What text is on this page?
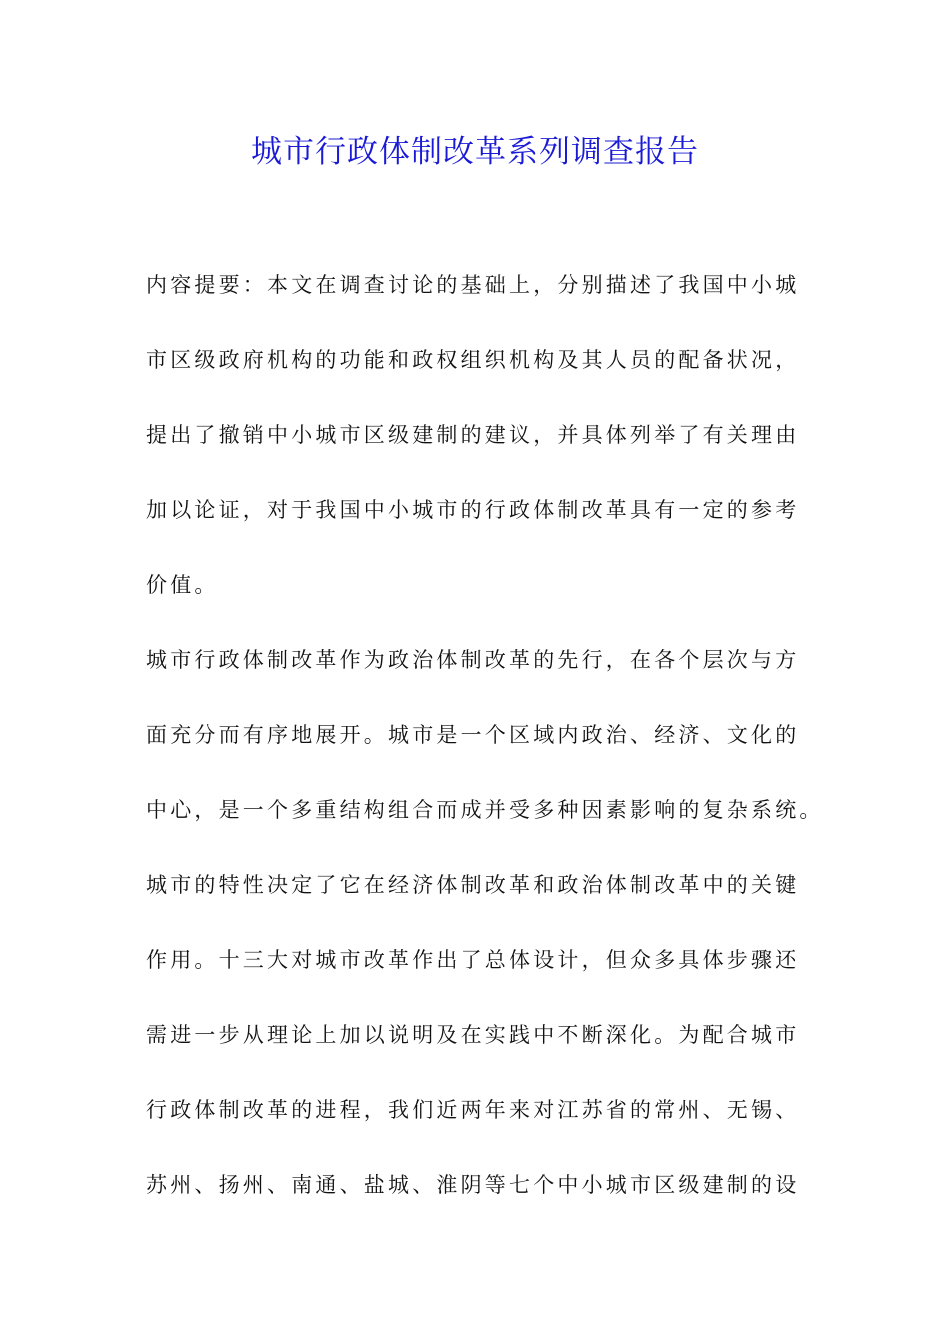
城市行政体制改革系列调查报告
内容提要：本文在调查讨论的基础上，分别描述了我国中小城
市区级政府机构的功能和政权组织机构及其人员的配备状况，
提出了撤销中小城市区级建制的建议，并具体列举了有关理由
加以论证，对于我国中小城市的行政体制改革具有一定的参考
价值。
城市行政体制改革作为政治体制改革的先行，在各个层次与方
面充分而有序地展开。城市是一个区域内政治、经济、文化的
中心，是一个多重结构组合而成并受多种因素影响的复杂系统。
城市的特性决定了它在经济体制改革和政治体制改革中的关键
作用。十三大对城市改革作出了总体设计，但众多具体步骤还
需进一步从理论上加以说明及在实践中不断深化。为配合城市
行政体制改革的进程，我们近两年来对江苏省的常州、无锡、
苏州、扬州、南通、盐城、淮阴等七个中小城市区级建制的设
